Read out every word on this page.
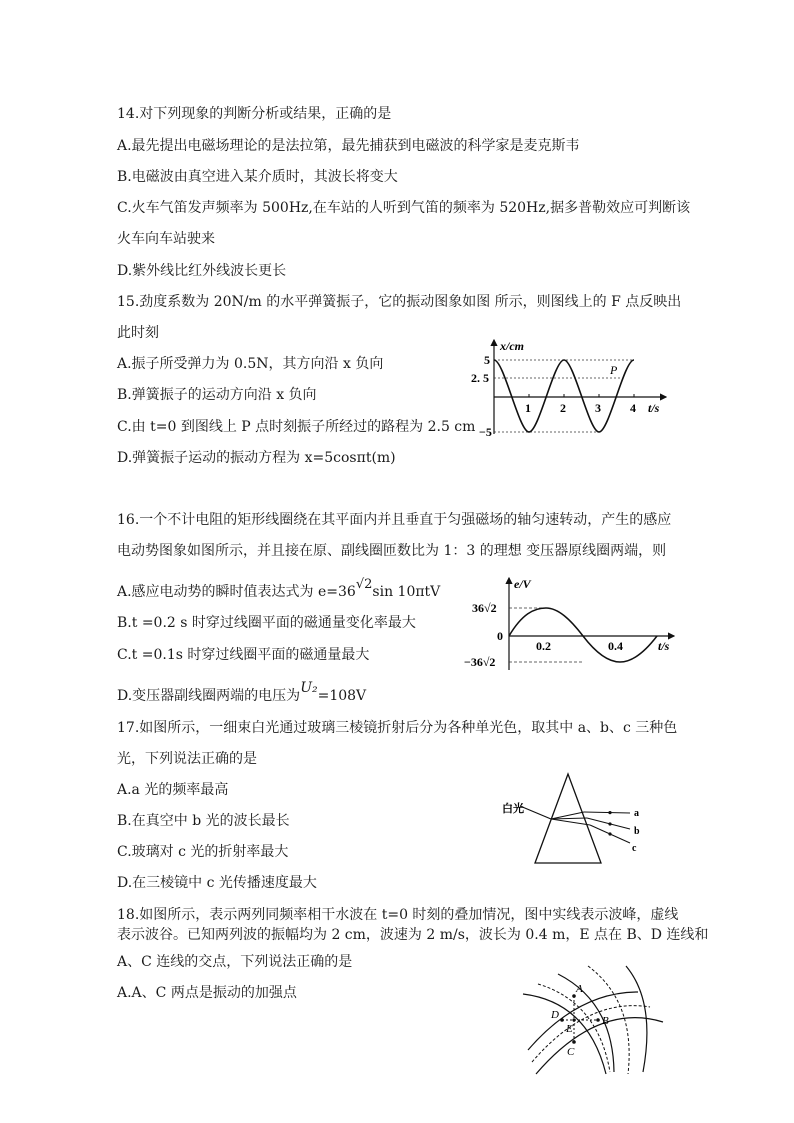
14.对下列现象的判断分析或结果，正确的是
A.最先提出电磁场理论的是法拉第，最先捕获到电磁波的科学家是麦克斯韦
B.电磁波由真空进入某介质时，其波长将变大
C.火车气笛发声频率为 500Hz,在车站的人听到气笛的频率为 520Hz,据多普勒效应可判断该
火车向车站驶来
D.紫外线比红外线波长更长
15.劲度系数为 20N/m 的水平弹簧振子，它的振动图象如图 所示，则图线上的 F 点反映出
此时刻
A.振子所受弹力为 0.5N，其方向沿 x 负向
B.弹簧振子的运动方向沿 x 负向
C.由 t=0 到图线上 P 点时刻振子所经过的路程为 2.5 cm
D.弹簧振子运动的振动方程为 x=5cosπt(m)
x/cm
t/s
5
2. 5
−5
1 2 3 4
P
16.一个不计电阻的矩形线圈绕在其平面内并且垂直于匀强磁场的轴匀速转动，产生的感应
电动势图象如图所示，并且接在原、副线圈匝数比为 1：3 的理想 变压器原线圈两端，则
A.感应电动势的瞬时值表达式为 e=36√2sin 10πtV
B.t =0.2 s 时穿过线圈平面的磁通量变化率最大
C.t =0.1s 时穿过线圈平面的磁通量最大
D.变压器副线圈两端的电压为U₂=108V
e/V
t/s
36√2
0
−36√2
0.2	0.4
17.如图所示，一细束白光通过玻璃三棱镜折射后分为各种单光色，取其中 a、b、c 三种色
光，下列说法正确的是
A.a 光的频率最高
B.在真空中 b 光的波长最长
C.玻璃对 c 光的折射率最大
D.在三棱镜中 c 光传播速度最大
白光	a
b
c
18.如图所示，表示两列同频率相干水波在 t=0 时刻的叠加情况，图中实线表示波峰，虚线
表示波谷。已知两列波的振幅均为 2 cm，波速为 2 m/s，波长为 0.4 m，E 点在 B、D 连线和
A、C 连线的交点，下列说法正确的是
A.A、C 两点是振动的加强点	A
B
C
D
E
